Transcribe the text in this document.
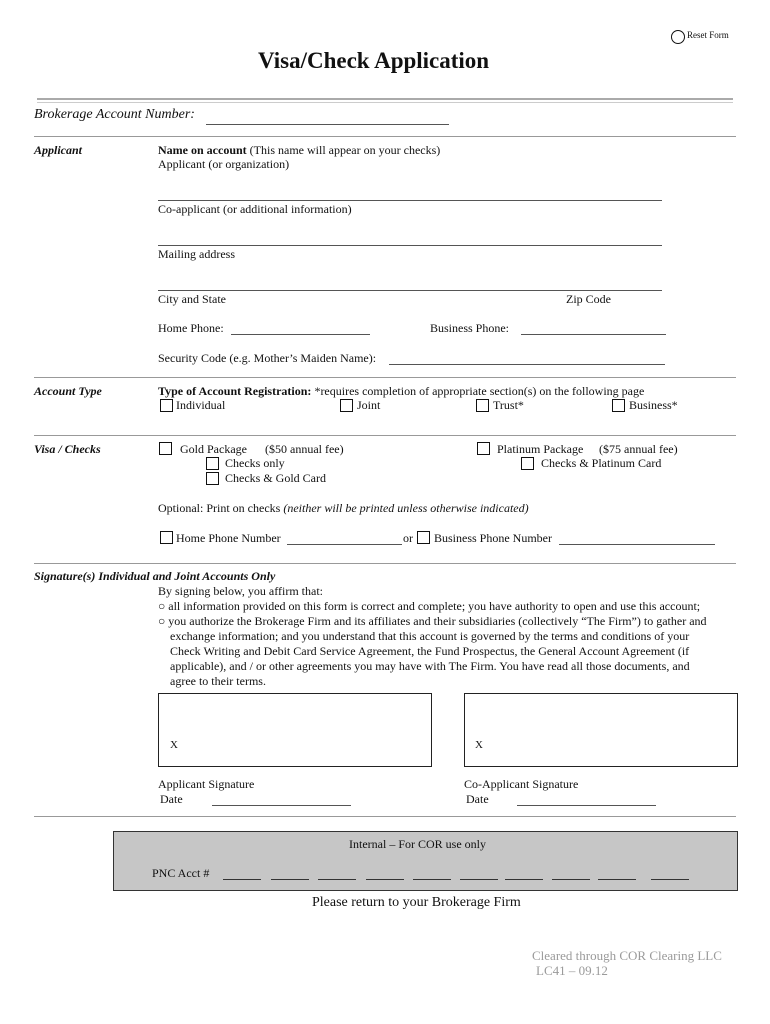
Reset Form
Visa/Check Application
Brokerage Account Number:
Applicant	Name on account (This name will appear on your checks)
Applicant (or organization)
Co-applicant (or additional information)
Mailing address
City and State	Zip Code
Home Phone:	Business Phone:
Security Code (e.g. Mother’s Maiden Name):
Account Type	Type of Account Registration: *requires completion of appropriate section(s) on the following page
Individual	Joint	Trust*	Business*
Visa / Checks	Gold Package ($50 annual fee)
Checks only
Checks & Gold Card
Platinum Package ($75 annual fee)
Checks & Platinum Card
Optional: Print on checks (neither will be printed unless otherwise indicated)
Home Phone Number	or Business Phone Number
Signature(s) Individual and Joint Accounts Only
By signing below, you affirm that:
○ all information provided on this form is correct and complete; you have authority to open and use this account;
○ you authorize the Brokerage Firm and its affiliates and their subsidiaries (collectively “The Firm”) to gather and
exchange information; and you understand that this account is governed by the terms and conditions of your
Check Writing and Debit Card Service Agreement, the Fund Prospectus, the General Account Agreement (if
applicable), and / or other agreements you may have with The Firm. You have read all those documents, and
agree to their terms.
X	X
Applicant Signature
Date
Co-Applicant Signature
Date
Internal – For COR use only
PNC Acct #
Please return to your Brokerage Firm
Cleared through COR Clearing LLC
LC41 – 09.12
